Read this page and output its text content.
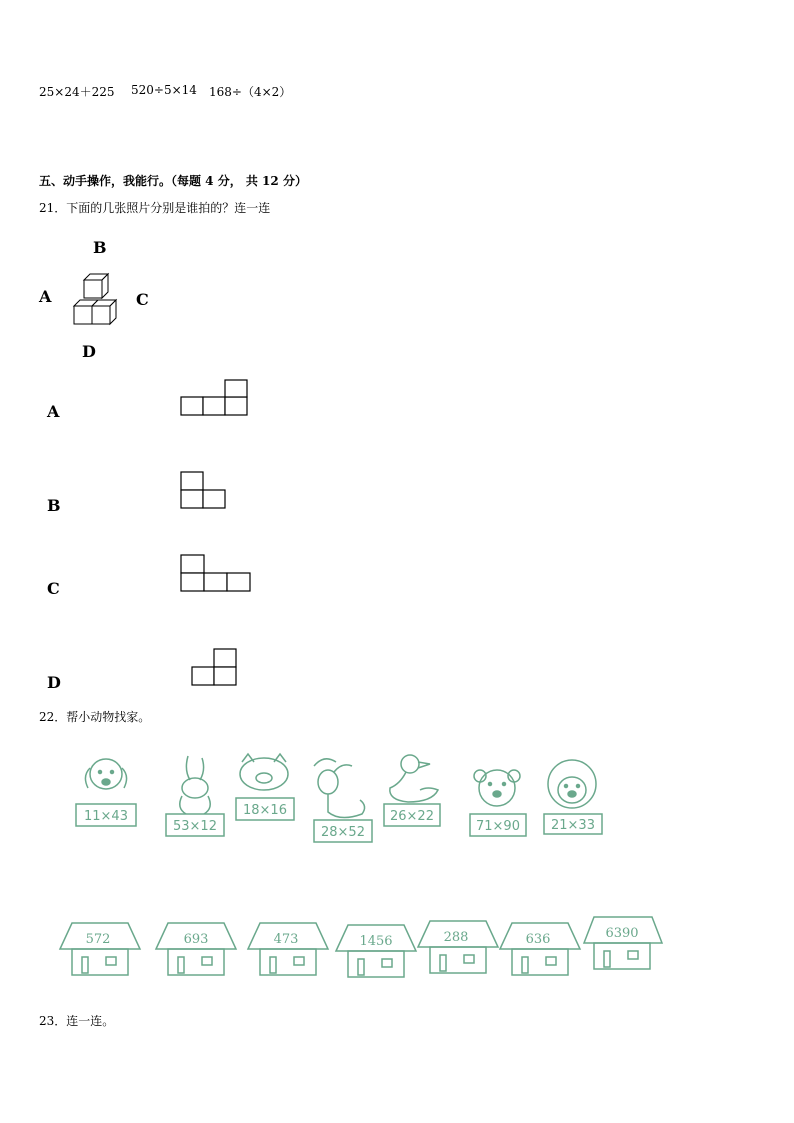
25×24＋225 520÷5×14 168÷（4×2）
五、动手操作，我能行。（每题 4 分， 共 12 分）
21．下面的几张照片分别是谁拍的？连一连
B
A	C
D
A
B
C
D
22．帮小动物找家。
11×43
53×12
18×16
28×52
26×22
71×90 21×33
572	693	473	1456	288	636	6390
23．连一连。
